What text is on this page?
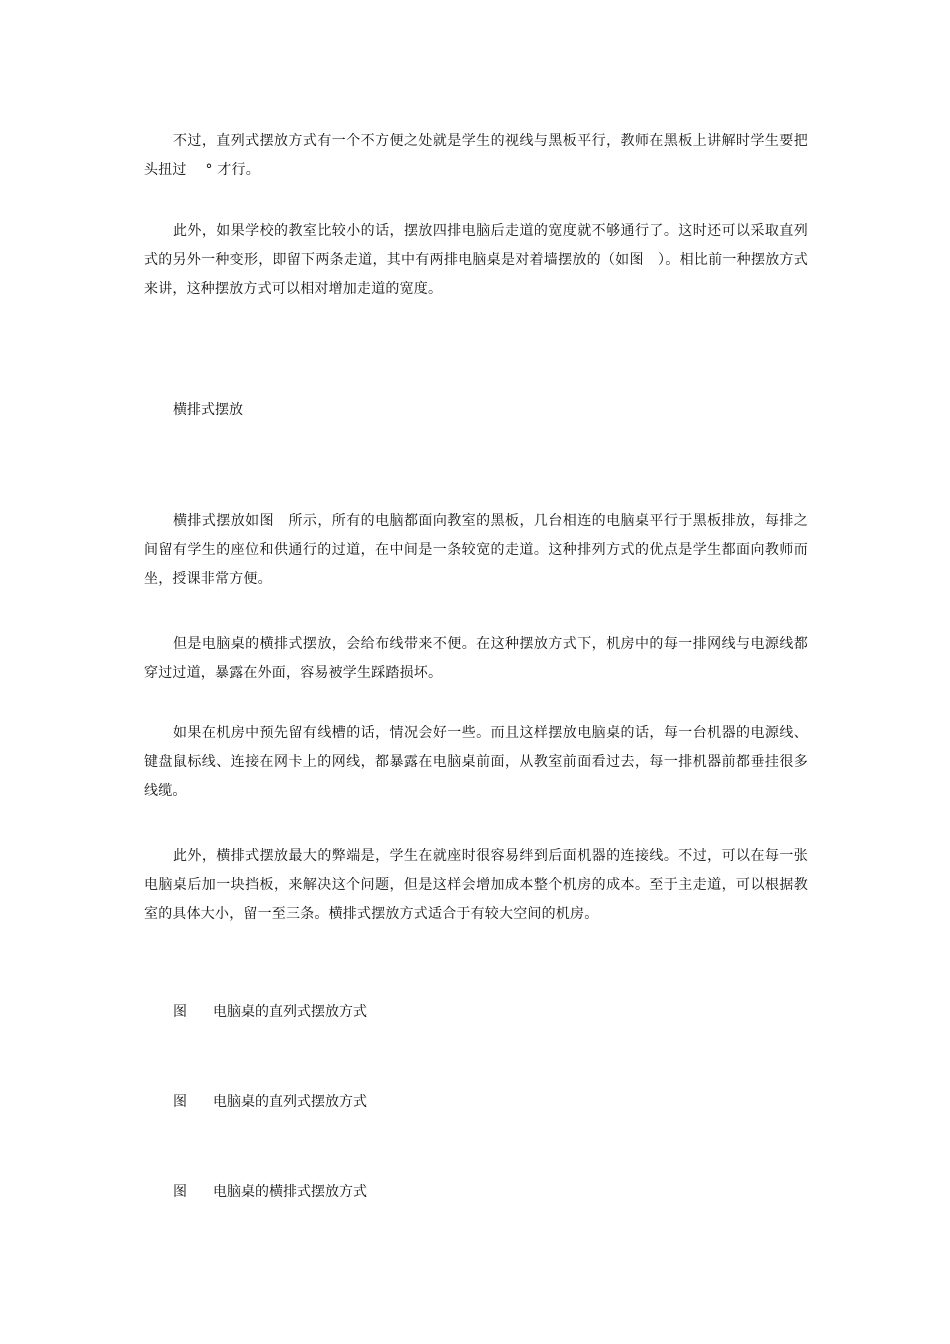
不过，直列式摆放方式有一个不方便之处就是学生的视线与黑板平行，教师在黑板上讲解时学生要把头扭过 　° 才行。

此外，如果学校的教室比较小的话，摆放四排电脑后走道的宽度就不够通行了。这时还可以采取直列式的另外一种变形，即留下两条走道，其中有两排电脑桌是对着墙摆放的（如图　）。相比前一种摆放方式来讲，这种摆放方式可以相对增加走道的宽度。

横排式摆放

横排式摆放如图　所示，所有的电脑都面向教室的黑板，几台相连的电脑桌平行于黑板排放，每排之间留有学生的座位和供通行的过道，在中间是一条较宽的走道。这种排列方式的优点是学生都面向教师而坐，授课非常方便。

但是电脑桌的横排式摆放，会给布线带来不便。在这种摆放方式下，机房中的每一排网线与电源线都穿过过道，暴露在外面，容易被学生踩踏损坏。

如果在机房中预先留有线槽的话，情况会好一些。而且这样摆放电脑桌的话，每一台机器的电源线、键盘鼠标线、连接在网卡上的网线，都暴露在电脑桌前面，从教室前面看过去，每一排机器前都垂挂很多线缆。

此外，横排式摆放最大的弊端是，学生在就座时很容易绊到后面机器的连接线。不过，可以在每一张电脑桌后加一块挡板，来解决这个问题，但是这样会增加成本整个机房的成本。至于主走道，可以根据教室的具体大小，留一至三条。横排式摆放方式适合于有较大空间的机房。

图 电脑桌的直列式摆放方式

图 电脑桌的直列式摆放方式

图 电脑桌的横排式摆放方式
